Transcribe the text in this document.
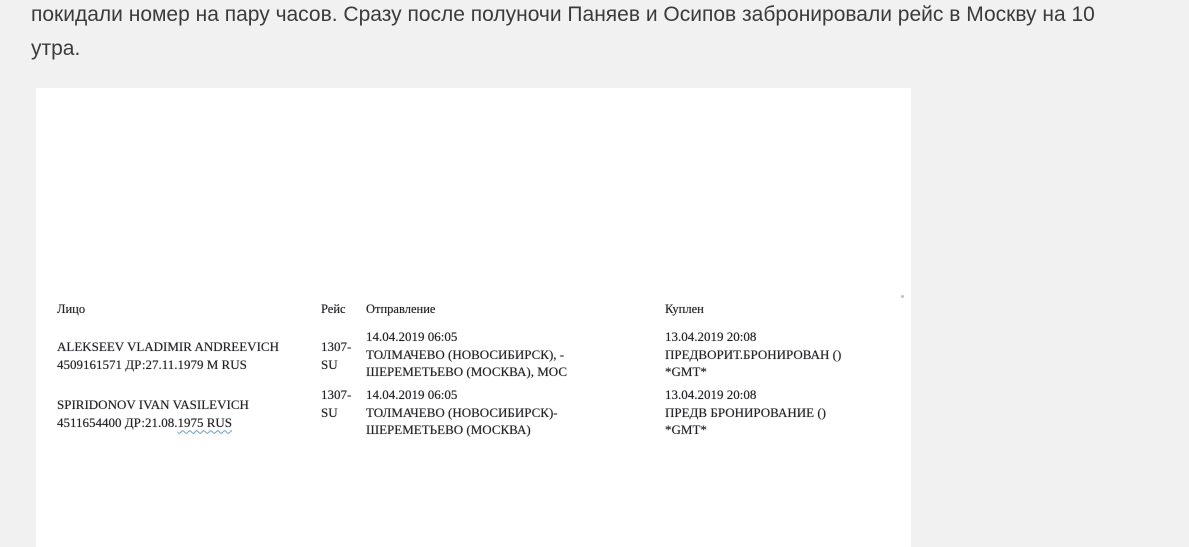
покидали номер на пару часов. Сразу после полуночи Паняев и Осипов забронировали рейс в Москву на 10
утра.

Лицо	Рейс Отправление	Куплен
ALEKSEEV VLADIMIR ANDREEVICH
4509161571 ДР:27.11.1979 M RUS
1307-
SU
14.04.2019 06:05
ТОЛМАЧЕВО (НОВОСИБИРСК), -
ШЕРЕМЕТЬЕВО (МОСКВА), МОС
13.04.2019 20:08
ПРЕДВОРИТ.БРОНИРОВАН ()
*GMT*
SPIRIDONOV IVAN VASILEVICH
4511654400 ДР:21.08.1975 RUS
1307-
SU
14.04.2019 06:05
ТОЛМАЧЕВО (НОВОСИБИРСК)-
ШЕРЕМЕТЬЕВО (МОСКВА)
13.04.2019 20:08
ПРЕДВ БРОНИРОВАНИЕ ()
*GMT*
